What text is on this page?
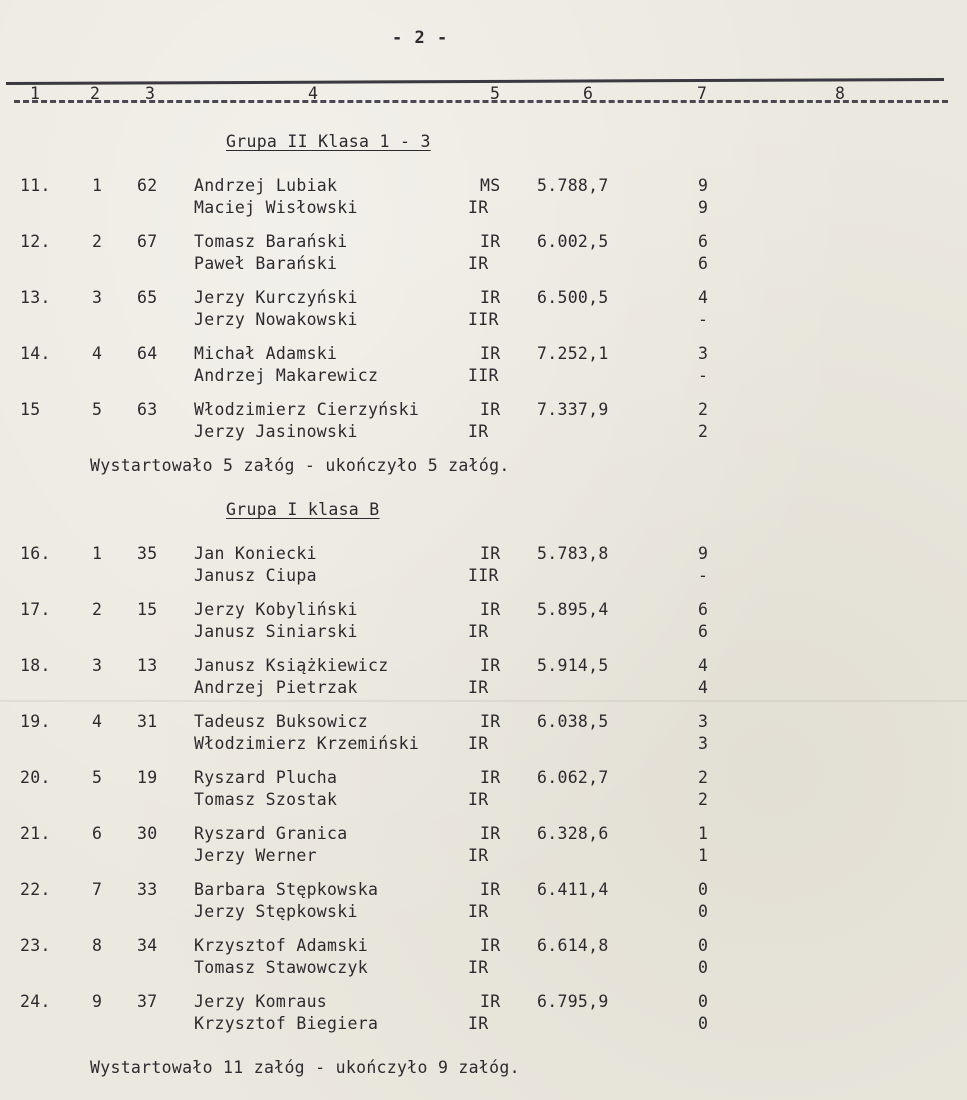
- 2 -
1	2	3	4	5	6	7	8
Grupa II Klasa 1 - 3
11.	1 62 Andrzej Lubiak	MS 5.788,7	9
Maciej Wisłowski	IR	9
12.	2 67 Tomasz Barański	IR 6.002,5	6
Paweł Barański	IR	6
13.	3 65 Jerzy Kurczyński	IR 6.500,5	4
Jerzy Nowakowski	IIR	-
14.	4 64 Michał Adamski	IR 7.252,1	3
Andrzej Makarewicz	IIR	-
15	5 63 Włodzimierz Cierzyński	IR 7.337,9	2
Jerzy Jasinowski	IR	2
Wystartowało 5 załóg - ukończyło 5 załóg.
Grupa I klasa B
16.	1 35 Jan Koniecki	IR 5.783,8	9
Janusz Ciupa	IIR	-
17.	2 15 Jerzy Kobyliński	IR 5.895,4	6
Janusz Siniarski	IR	6
18.	3 13 Janusz Książkiewicz	IR 5.914,5	4
Andrzej Pietrzak	IR	4
19.	4 31 Tadeusz Buksowicz	IR 6.038,5	3
Włodzimierz Krzemiński	IR	3
20.	5 19 Ryszard Plucha	IR 6.062,7	2
Tomasz Szostak	IR	2
21.	6 30 Ryszard Granica	IR 6.328,6	1
Jerzy Werner	IR	1
22.	7 33 Barbara Stępkowska	IR 6.411,4	0
Jerzy Stępkowski	IR	0
23.	8 34 Krzysztof Adamski	IR 6.614,8	0
Tomasz Stawowczyk	IR	0
24.	9 37 Jerzy Komraus	IR 6.795,9	0
Krzysztof Biegiera	IR	0
Wystartowało 11 załóg - ukończyło 9 załóg.
